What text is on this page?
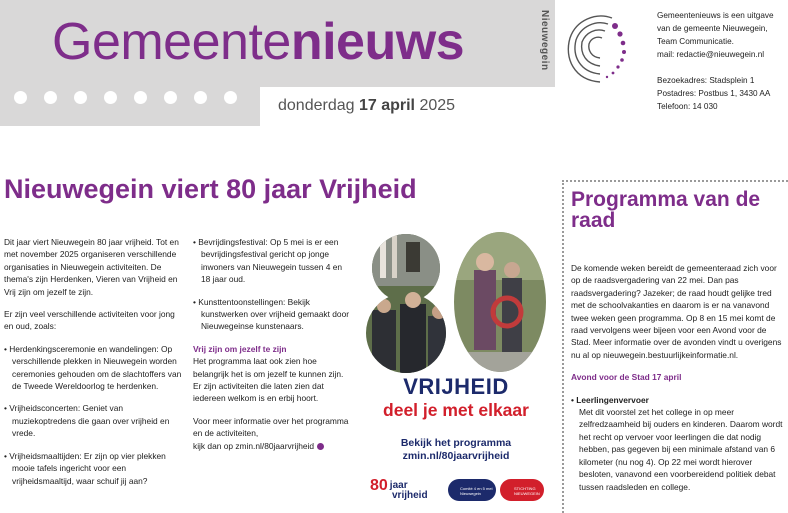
Gemeentenieuws
donderdag 17 april 2025
Nieuwegein	Gemeentenieuws is een uitgave
van de gemeente Nieuwegein,
Team Communicatie.
mail: redactie@nieuwegein.nl
Bezoekadres: Stadsplein 1
Postadres: Postbus 1, 3430 AA
Telefoon: 14 030
Nieuwegein viert 80 jaar Vrijheid

Dit jaar viert Nieuwegein 80 jaar vrijheid. Tot en met november 2025 organiseren verschillende organisaties in Nieuwegein activiteiten. De thema's zijn Herdenken, Vieren van Vrijheid en Vrij zijn om jezelf te zijn.

Er zijn veel verschillende activiteiten voor jong en oud, zoals:

• Herdenkingsceremonie en wandelingen: Op verschillende plekken in Nieuwegein worden ceremonies gehouden om de slachtoffers van de Tweede Wereldoorlog te herdenken.

• Vrijheidsconcerten: Geniet van muziekoptredens die gaan over vrijheid en vrede.

• Vrijheidsmaaltijden: Er zijn op vier plekken mooie tafels ingericht voor een vrijheidsmaaltijd, waar schuif jij aan?

• Bevrijdingsfestival: Op 5 mei is er een bevrijdingsfestival gericht op jonge inwoners van Nieuwegein tussen 4 en 18 jaar oud.

• Kunsttentoonstellingen: Bekijk kunstwerken over vrijheid gemaakt door Nieuwegeinse kunstenaars.

Vrij zijn om jezelf te zijn

Het programma laat ook zien hoe belangrijk het is om jezelf te kunnen zijn. Er zijn activiteiten die laten zien dat iedereen welkom is en erbij hoort.

Voor meer informatie over het programma en de activiteiten,
kijk dan op zmin.nl/80jaarvrijheid

VRIJHEID
deel je met elkaar
Bekijk het programma
zmin.nl/80jaarvrijheid
80 jaar
vrijheid
Comité 4 en 5 mei Nieuwegein
STICHTING NIEUWEGEIN
Programma van de raad

De komende weken bereidt de gemeenteraad zich voor op de raadsvergadering van 22 mei. Dan pas raadsvergadering? Jazeker; de raad houdt gelijke tred met de schoolvakanties en daarom is er na vanavond twee weken geen programma. Op 8 en 15 mei komt de raad vervolgens weer bijeen voor een Avond voor de Stad. Meer informatie over de avonden vindt u overigens nu al op nieuwegein.bestuurlijkeinformatie.nl.

Avond voor de Stad 17 april

• Leerlingenvervoer
Met dit voorstel zet het college in op meer zelfredzaamheid bij ouders en kinderen. Daarom wordt het recht op vervoer voor leerlingen die dat nodig hebben, pas gegeven bij een minimale afstand van 6 kilometer (nu nog 4). Op 22 mei wordt hierover besloten, vanavond een voorbereidend politiek debat tussen raadsleden en college.
